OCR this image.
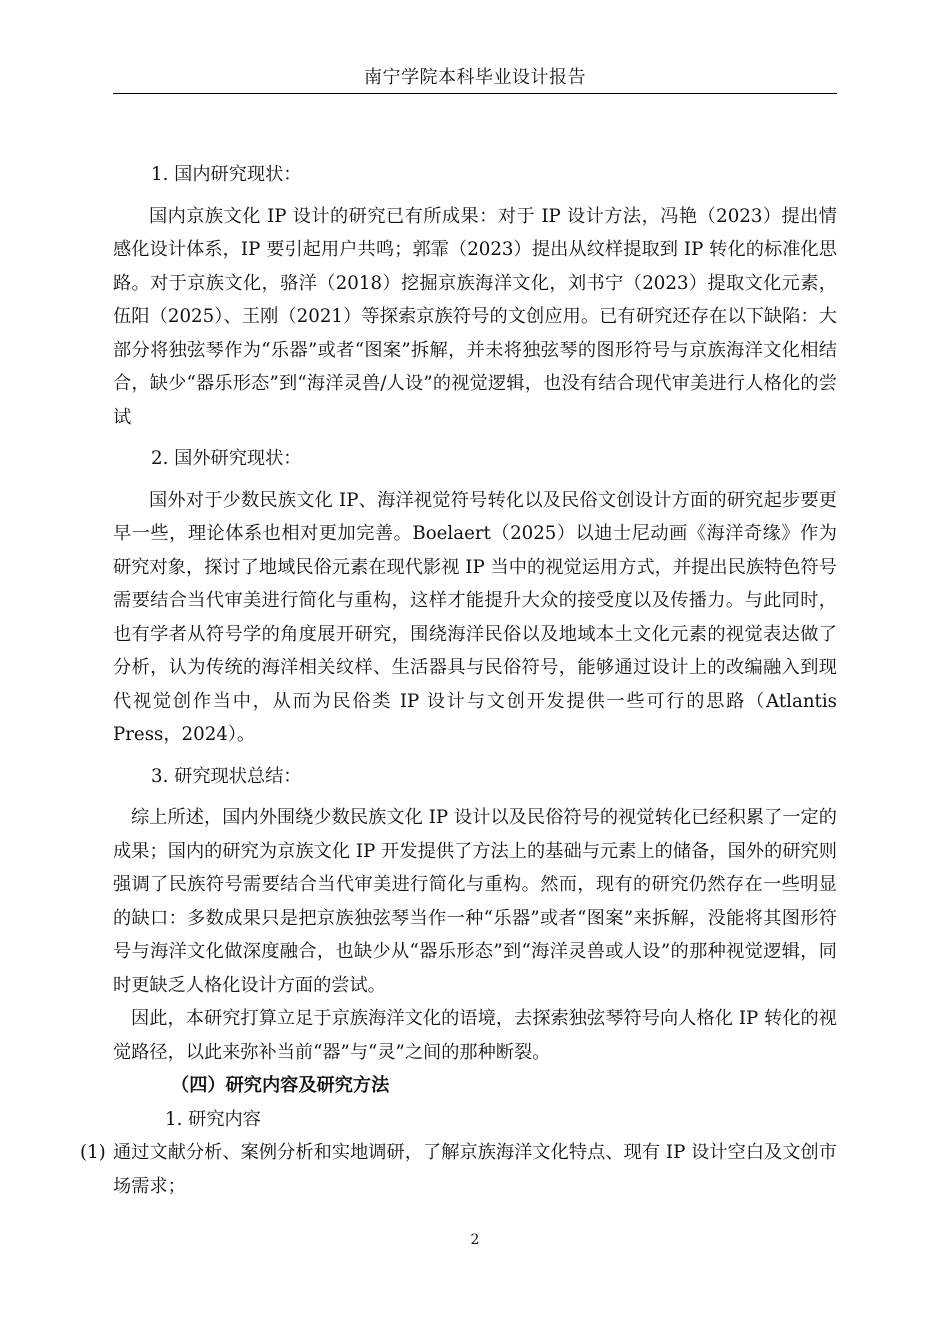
南宁学院本科毕业设计报告

1. 国内研究现状：

国内京族文化 IP 设计的研究已有所成果：对于 IP 设计方法，冯艳（2023）提出情感化设计体系，IP 要引起用户共鸣；郭霏（2023）提出从纹样提取到 IP 转化的标准化思路。对于京族文化，骆洋（2018）挖掘京族海洋文化，刘书宁（2023）提取文化元素，伍阳（2025）、王刚（2021）等探索京族符号的文创应用。已有研究还存在以下缺陷：大部分将独弦琴作为“乐器”或者“图案”拆解，并未将独弦琴的图形符号与京族海洋文化相结合，缺少“器乐形态”到“海洋灵兽/人设”的视觉逻辑，也没有结合现代审美进行人格化的尝试

2. 国外研究现状：

国外对于少数民族文化 IP、海洋视觉符号转化以及民俗文创设计方面的研究起步要更早一些，理论体系也相对更加完善。Boelaert（2025）以迪士尼动画《海洋奇缘》作为研究对象，探讨了地域民俗元素在现代影视 IP 当中的视觉运用方式，并提出民族特色符号需要结合当代审美进行简化与重构，这样才能提升大众的接受度以及传播力。与此同时，也有学者从符号学的角度展开研究，围绕海洋民俗以及地域本土文化元素的视觉表达做了分析，认为传统的海洋相关纹样、生活器具与民俗符号，能够通过设计上的改编融入到现代视觉创作当中，从而为民俗类 IP 设计与文创开发提供一些可行的思路（Atlantis Press，2024）。

3. 研究现状总结：

综上所述，国内外围绕少数民族文化 IP 设计以及民俗符号的视觉转化已经积累了一定的成果；国内的研究为京族文化 IP 开发提供了方法上的基础与元素上的储备，国外的研究则强调了民族符号需要结合当代审美进行简化与重构。然而，现有的研究仍然存在一些明显的缺口：多数成果只是把京族独弦琴当作一种“乐器”或者“图案”来拆解，没能将其图形符号与海洋文化做深度融合，也缺少从“器乐形态”到“海洋灵兽或人设”的那种视觉逻辑，同时更缺乏人格化设计方面的尝试。

因此，本研究打算立足于京族海洋文化的语境，去探索独弦琴符号向人格化 IP 转化的视觉路径，以此来弥补当前“器”与“灵”之间的那种断裂。

（四）研究内容及研究方法

1. 研究内容

(1) 通过文献分析、案例分析和实地调研，了解京族海洋文化特点、现有 IP 设计空白及文创市场需求；
2
